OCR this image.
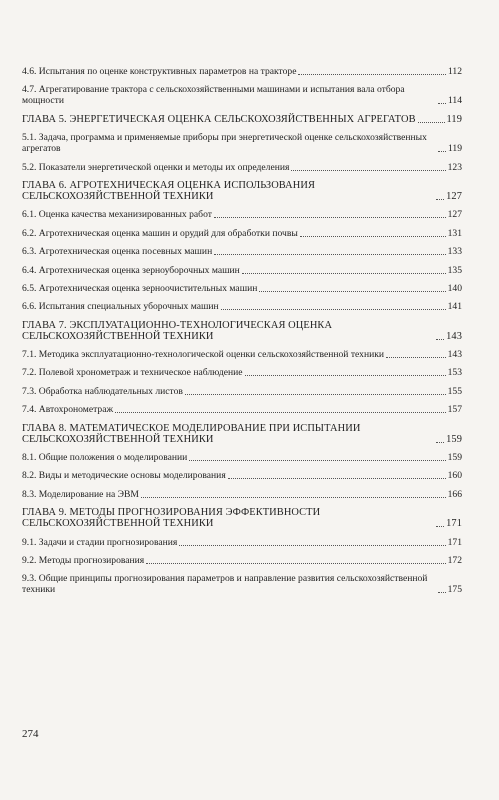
4.6. Испытания по оценке конструктивных параметров на тракторе	112
4.7. Агрегатирование трактора с сельскохозяйственными машинами и испытания вала отбора мощности	114
ГЛАВА 5. ЭНЕРГЕТИЧЕСКАЯ ОЦЕНКА СЕЛЬСКОХОЗЯЙСТВЕННЫХ АГРЕГАТОВ	119
5.1. Задача, программа и применяемые приборы при энергетической оценке сельскохозяйственных агрегатов	119
5.2. Показатели энергетической оценки и методы их определения	123
ГЛАВА 6. АГРОТЕХНИЧЕСКАЯ ОЦЕНКА ИСПОЛЬЗОВАНИЯ СЕЛЬСКОХОЗЯЙСТВЕННОЙ ТЕХНИКИ	127
6.1. Оценка качества механизированных работ	127
6.2. Агротехническая оценка машин и орудий для обработки почвы	131
6.3. Агротехническая оценка посевных машин	133
6.4. Агротехническая оценка зерноуборочных машин	135
6.5. Агротехническая оценка зерноочистительных машин	140
6.6. Испытания специальных уборочных машин	141
ГЛАВА 7. ЭКСПЛУАТАЦИОННО-ТЕХНОЛОГИЧЕСКАЯ ОЦЕНКА СЕЛЬСКОХОЗЯЙСТВЕННОЙ ТЕХНИКИ	143
7.1. Методика эксплуатационно-технологической оценки сельскохозяйственной техники	143
7.2. Полевой хронометраж и техническое наблюдение	153
7.3. Обработка наблюдательных листов	155
7.4. Автохронометраж	157
ГЛАВА 8. МАТЕМАТИЧЕСКОЕ МОДЕЛИРОВАНИЕ ПРИ ИСПЫТАНИИ СЕЛЬСКОХОЗЯЙСТВЕННОЙ ТЕХНИКИ	159
8.1. Общие положения о моделировании	159
8.2. Виды и методические основы моделирования	160
8.3. Моделирование на ЭВМ	166
ГЛАВА 9. МЕТОДЫ ПРОГНОЗИРОВАНИЯ ЭФФЕКТИВНОСТИ СЕЛЬСКОХОЗЯЙСТВЕННОЙ ТЕХНИКИ	171
9.1. Задачи и стадии прогнозирования	171
9.2. Методы прогнозирования	172
9.3. Общие принципы прогнозирования параметров и направление развития сельскохозяйственной техники	175
274
